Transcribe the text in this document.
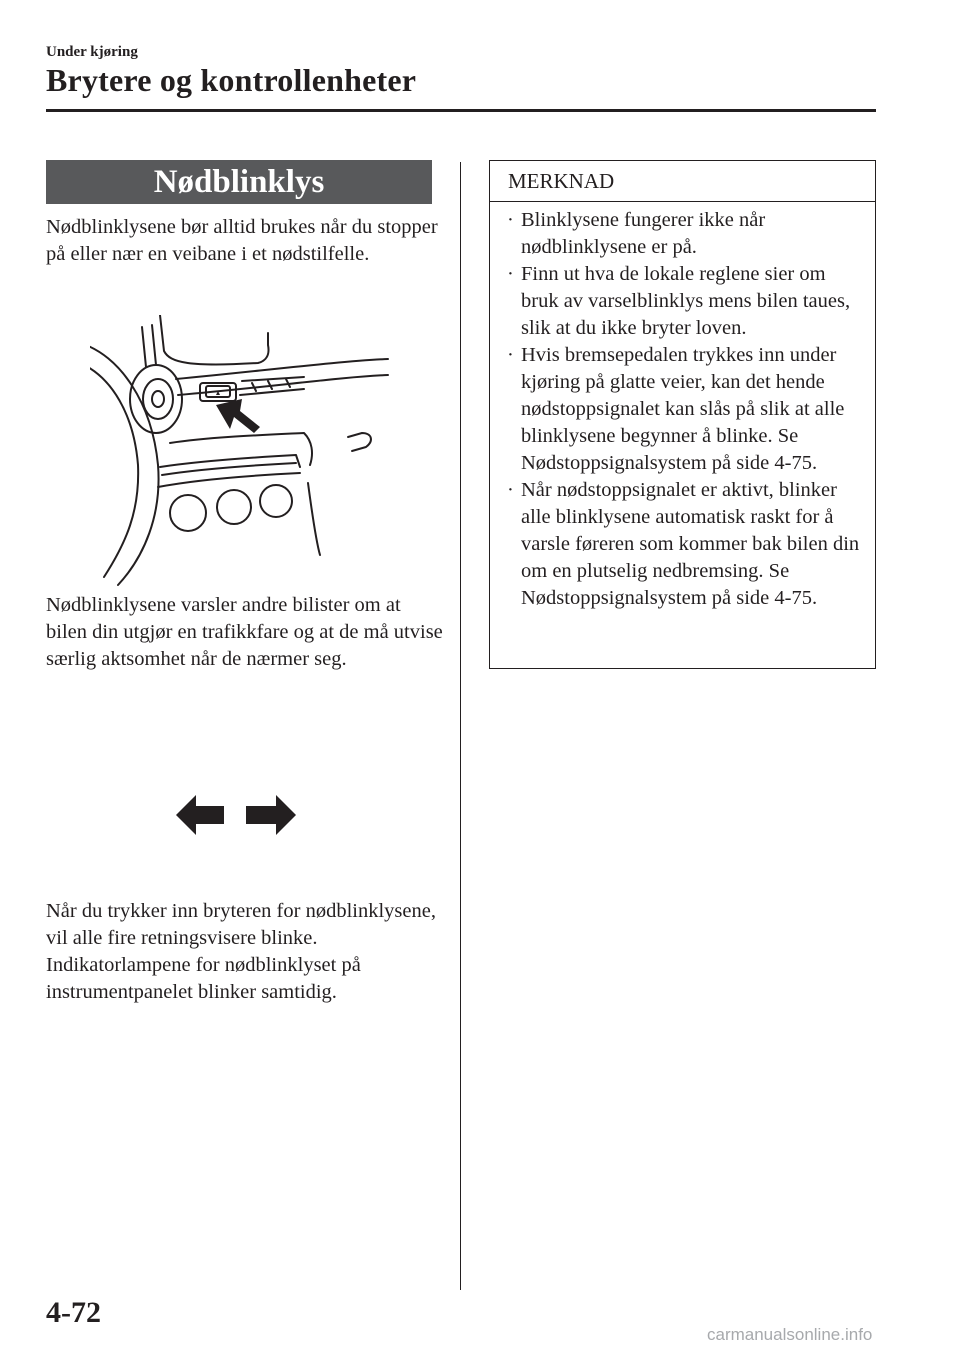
Under kjøring
Brytere og kontrollenheter
Nødblinklys
Nødblinklysene bør alltid brukes når du stopper på eller nær en veibane i et nødstilfelle.
Nødblinklysene varsler andre bilister om at bilen din utgjør en trafikkfare og at de må utvise særlig aktsomhet når de nærmer seg.
Når du trykker inn bryteren for nødblinklysene, vil alle fire retningsvisere blinke. Indikatorlampene for nødblinklyset på instrumentpanelet blinker samtidig.
MERKNAD
· Blinklysene fungerer ikke når nødblinklysene er på.
· Finn ut hva de lokale reglene sier om bruk av varselblinklys mens bilen taues, slik at du ikke bryter loven.
· Hvis bremsepedalen trykkes inn under kjøring på glatte veier, kan det hende nødstoppsignalet kan slås på slik at alle blinklysene begynner å blinke. Se Nødstoppsignalsystem på side 4-75.
· Når nødstoppsignalet er aktivt, blinker alle blinklysene automatisk raskt for å varsle føreren som kommer bak bilen din om en plutselig nedbremsing. Se Nødstoppsignalsystem på side 4-75.
4-72
carmanualsonline.info
